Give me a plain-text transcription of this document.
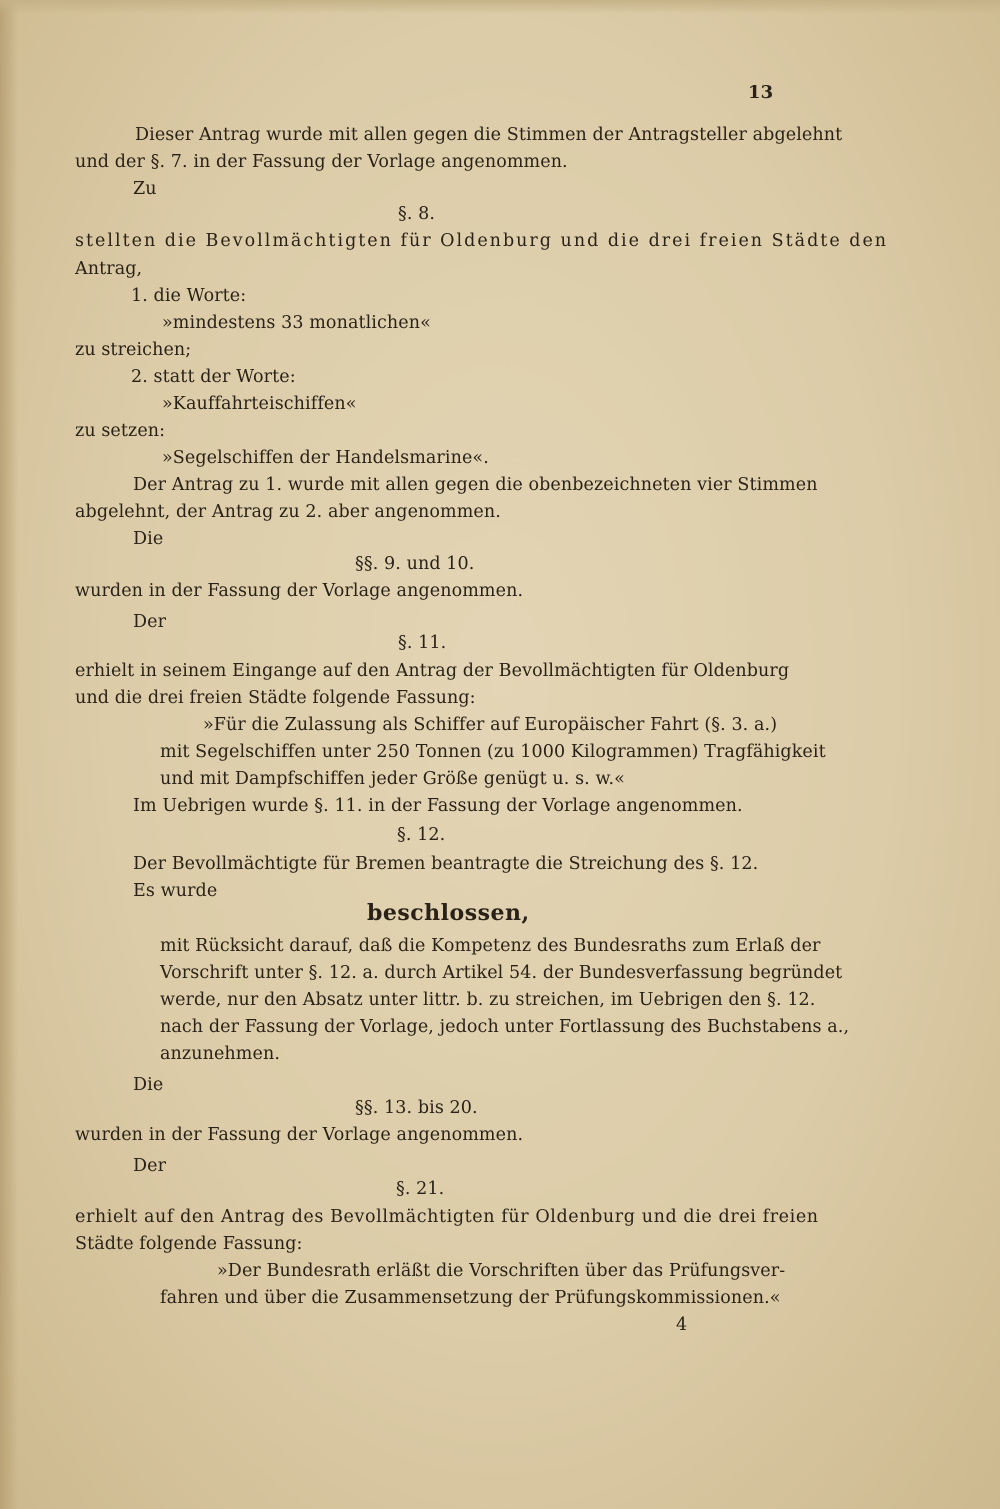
13
Dieser Antrag wurde mit allen gegen die Stimmen der Antragsteller abgelehnt
und der §. 7. in der Fassung der Vorlage angenommen.
Zu
§. 8.
stellten die Bevollmächtigten für Oldenburg und die drei freien Städte den
Antrag,
1. die Worte:
»mindestens 33 monatlichen«
zu streichen;
2. statt der Worte:
»Kauffahrteischiffen«
zu setzen:
»Segelschiffen der Handelsmarine«.
Der Antrag zu 1. wurde mit allen gegen die obenbezeichneten vier Stimmen
abgelehnt, der Antrag zu 2. aber angenommen.
Die
§§. 9. und 10.
wurden in der Fassung der Vorlage angenommen.
Der
§. 11.
erhielt in seinem Eingange auf den Antrag der Bevollmächtigten für Oldenburg
und die drei freien Städte folgende Fassung:
»Für die Zulassung als Schiffer auf Europäischer Fahrt (§. 3. a.)
mit Segelschiffen unter 250 Tonnen (zu 1000 Kilogrammen) Tragfähigkeit
und mit Dampfschiffen jeder Größe genügt u. s. w.«
Im Uebrigen wurde §. 11. in der Fassung der Vorlage angenommen.
§. 12.
Der Bevollmächtigte für Bremen beantragte die Streichung des §. 12.
Es wurde
beschlossen,
mit Rücksicht darauf, daß die Kompetenz des Bundesraths zum Erlaß der
Vorschrift unter §. 12. a. durch Artikel 54. der Bundesverfassung begründet
werde, nur den Absatz unter littr. b. zu streichen, im Uebrigen den §. 12.
nach der Fassung der Vorlage, jedoch unter Fortlassung des Buchstabens a.,
anzunehmen.
Die
§§. 13. bis 20.
wurden in der Fassung der Vorlage angenommen.
Der
§. 21.
erhielt auf den Antrag des Bevollmächtigten für Oldenburg und die drei freien
Städte folgende Fassung:
»Der Bundesrath erläßt die Vorschriften über das Prüfungsver-
fahren und über die Zusammensetzung der Prüfungskommissionen.«
4
